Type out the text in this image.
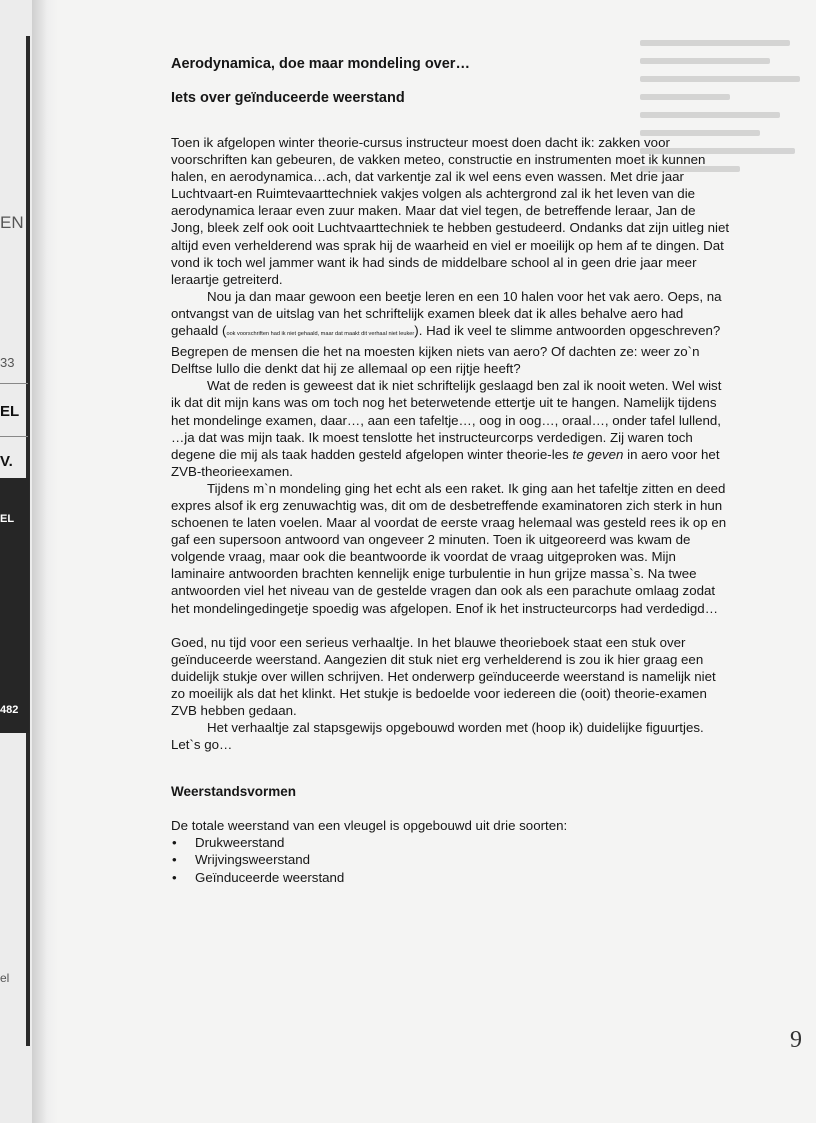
EN
33
EL
V.
EL
482
el
Aerodynamica, doe maar mondeling over…
Iets over geïnduceerde weerstand

Toen ik afgelopen winter theorie-cursus instructeur moest doen dacht ik: zakken voor voorschriften kan gebeuren, de vakken meteo, constructie en instrumenten moet ik kunnen halen, en aerodynamica…ach, dat varkentje zal ik wel eens even wassen. Met drie jaar Luchtvaart-en Ruimtevaarttechniek vakjes volgen als achtergrond zal ik het leven van die aerodynamica leraar even zuur maken. Maar dat viel tegen, de betreffende leraar, Jan de Jong, bleek zelf ook ooit Luchtvaarttechniek te hebben gestudeerd. Ondanks dat zijn uitleg niet altijd even verhelderend was sprak hij de waarheid en viel er moeilijk op hem af te dingen. Dat vond ik toch wel jammer want ik had sinds de middelbare school al in geen drie jaar meer leraartje getreiterd.

Nou ja dan maar gewoon een beetje leren en een 10 halen voor het vak aero. Oeps, na ontvangst van de uitslag van het schriftelijk examen bleek dat ik alles behalve aero had gehaald (ook voorschriften had ik niet gehaald, maar dat maakt dit verhaal niet leuker). Had ik veel te slimme antwoorden opgeschreven? Begrepen de mensen die het na moesten kijken niets van aero? Of dachten ze: weer zo`n Delftse lullo die denkt dat hij ze allemaal op een rijtje heeft?

Wat de reden is geweest dat ik niet schriftelijk geslaagd ben zal ik nooit weten. Wel wist ik dat dit mijn kans was om toch nog het beterwetende ettertje uit te hangen. Namelijk tijdens het mondelinge examen, daar…, aan een tafeltje…, oog in oog…, oraal…, onder tafel lullend, …ja dat was mijn taak. Ik moest tenslotte het instructeurcorps verdedigen. Zij waren toch degene die mij als taak hadden gesteld afgelopen winter theorie-les te geven in aero voor het ZVB-theorieexamen.

Tijdens m`n mondeling ging het echt als een raket. Ik ging aan het tafeltje zitten en deed expres alsof ik erg zenuwachtig was, dit om de desbetreffende examinatoren zich sterk in hun schoenen te laten voelen. Maar al voordat de eerste vraag helemaal was gesteld rees ik op en gaf een supersoon antwoord van ongeveer 2 minuten. Toen ik uitgeoreerd was kwam de volgende vraag, maar ook die beantwoorde ik voordat de vraag uitgeproken was. Mijn laminaire antwoorden brachten kennelijk enige turbulentie in hun grijze massa`s. Na twee antwoorden viel het niveau van de gestelde vragen dan ook als een parachute omlaag zodat het mondelingedingetje spoedig was afgelopen. Enof ik het instructeurcorps had verdedigd…

Goed, nu tijd voor een serieus verhaaltje. In het blauwe theorieboek staat een stuk over geïnduceerde weerstand. Aangezien dit stuk niet erg verhelderend is zou ik hier graag een duidelijk stukje over willen schrijven. Het onderwerp geïnduceerde weerstand is namelijk niet zo moeilijk als dat het klinkt. Het stukje is bedoelde voor iedereen die (ooit) theorie-examen ZVB hebben gedaan.

Het verhaaltje zal stapsgewijs opgebouwd worden met (hoop ik) duidelijke figuurtjes. Let`s go…

Weerstandsvormen

De totale weerstand van een vleugel is opgebouwd uit drie soorten:

• Drukweerstand
• Wrijvingsweerstand
• Geïnduceerde weerstand
9
